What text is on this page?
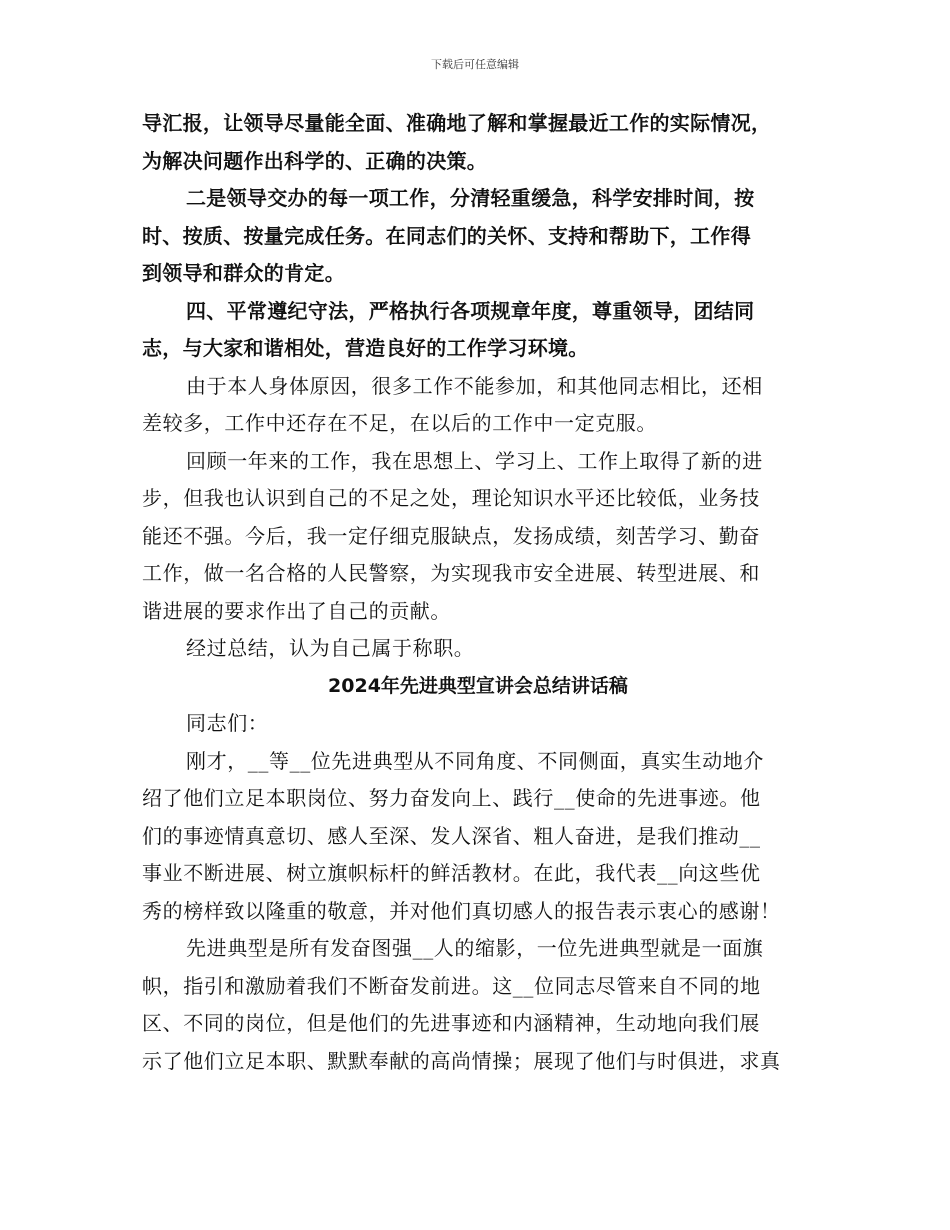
下载后可任意编辑
导汇报，让领导尽量能全面、准确地了解和掌握最近工作的实际情况，
为解决问题作出科学的、正确的决策。
二是领导交办的每一项工作，分清轻重缓急，科学安排时间，按
时、按质、按量完成任务。在同志们的关怀、支持和帮助下，工作得
到领导和群众的肯定。
四、平常遵纪守法，严格执行各项规章年度，尊重领导，团结同
志，与大家和谐相处，营造良好的工作学习环境。
由于本人身体原因，很多工作不能参加，和其他同志相比，还相
差较多，工作中还存在不足，在以后的工作中一定克服。
回顾一年来的工作，我在思想上、学习上、工作上取得了新的进
步，但我也认识到自己的不足之处，理论知识水平还比较低，业务技
能还不强。今后，我一定仔细克服缺点，发扬成绩，刻苦学习、勤奋
工作，做一名合格的人民警察，为实现我市安全进展、转型进展、和
谐进展的要求作出了自己的贡献。
经过总结，认为自己属于称职。
2024年先进典型宣讲会总结讲话稿
同志们：
刚才，__等__位先进典型从不同角度、不同侧面，真实生动地介
绍了他们立足本职岗位、努力奋发向上、践行__使命的先进事迹。他
们的事迹情真意切、感人至深、发人深省、粗人奋进，是我们推动__
事业不断进展、树立旗帜标杆的鲜活教材。在此，我代表__向这些优
秀的榜样致以隆重的敬意，并对他们真切感人的报告表示衷心的感谢！
先进典型是所有发奋图强__人的缩影，一位先进典型就是一面旗
帜，指引和激励着我们不断奋发前进。这__位同志尽管来自不同的地
区、不同的岗位，但是他们的先进事迹和内涵精神，生动地向我们展
示了他们立足本职、默默奉献的高尚情操；展现了他们与时俱进，求真
